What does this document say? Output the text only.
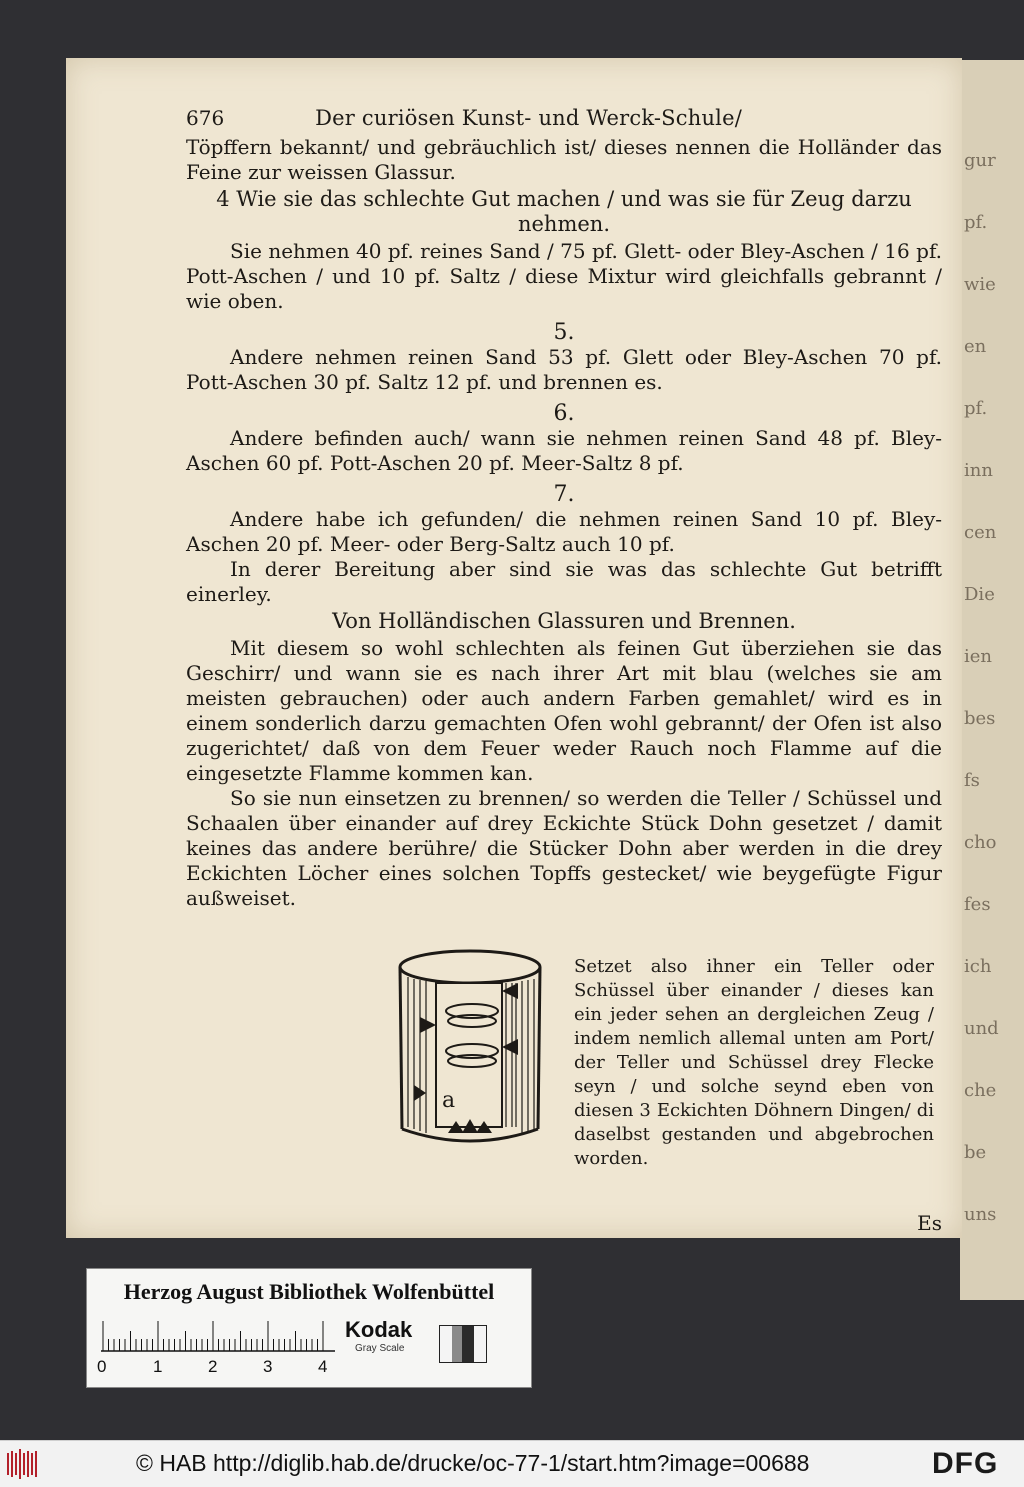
gur
pf.
wie
en
pf.
inn
cen
Die
ien
bes
fs
cho
fes
ich
und
che
be
uns
676	Der curiösen Kunst- und Werck-Schule/

Töpffern bekannt/ und gebräuchlich ist/ dieses nennen die Holländer das Feine zur weissen Glassur.

4 Wie sie das schlechte Gut machen / und was sie für Zeug darzu nehmen.

Sie nehmen 40 pf. reines Sand / 75 pf. Glett- oder Bley-Aschen / 16 pf. Pott-Aschen / und 10 pf. Saltz / diese Mixtur wird gleichfalls gebrannt / wie oben.

5.

Andere nehmen reinen Sand 53 pf. Glett oder Bley-Aschen 70 pf. Pott-Aschen 30 pf. Saltz 12 pf. und brennen es.

6.

Andere befinden auch/ wann sie nehmen reinen Sand 48 pf. Bley-Aschen 60 pf. Pott-Aschen 20 pf. Meer-Saltz 8 pf.

7.

Andere habe ich gefunden/ die nehmen reinen Sand 10 pf. Bley-Aschen 20 pf. Meer- oder Berg-Saltz auch 10 pf.

In derer Bereitung aber sind sie was das schlechte Gut betrifft einerley.

Von Holländischen Glassuren und Brennen.

Mit diesem so wohl schlechten als feinen Gut überziehen sie das Geschirr/ und wann sie es nach ihrer Art mit blau (welches sie am meisten gebrauchen) oder auch andern Farben gemahlet/ wird es in einem sonderlich darzu gemachten Ofen wohl gebrannt/ der Ofen ist also zugerichtet/ daß von dem Feuer weder Rauch noch Flamme auf die eingesetzte Flamme kommen kan.

So sie nun einsetzen zu brennen/ so werden die Teller / Schüssel und Schaalen über einander auf drey Eckichte Stück Dohn gesetzet / damit keines das andere berühre/ die Stücker Dohn aber werden in die drey Eckichten Löcher eines solchen Topffs gestecket/ wie beygefügte Figur außweiset.

a

Setzet also ihner ein Teller oder Schüssel über einander / dieses kan ein jeder sehen an dergleichen Zeug / indem nemlich allemal unten am Port/ der Teller und Schüssel drey Flecke seyn / und solche seynd eben von diesen 3 Eckichten Döhnern Dingen/ di daselbst gestanden und abgebrochen worden.

Es

Herzog August Bibliothek Wolfenbüttel
0	1	2	3	4
Kodak
Gray Scale
© HAB http://diglib.hab.de/drucke/oc-77-1/start.htm?image=00688	DFG
